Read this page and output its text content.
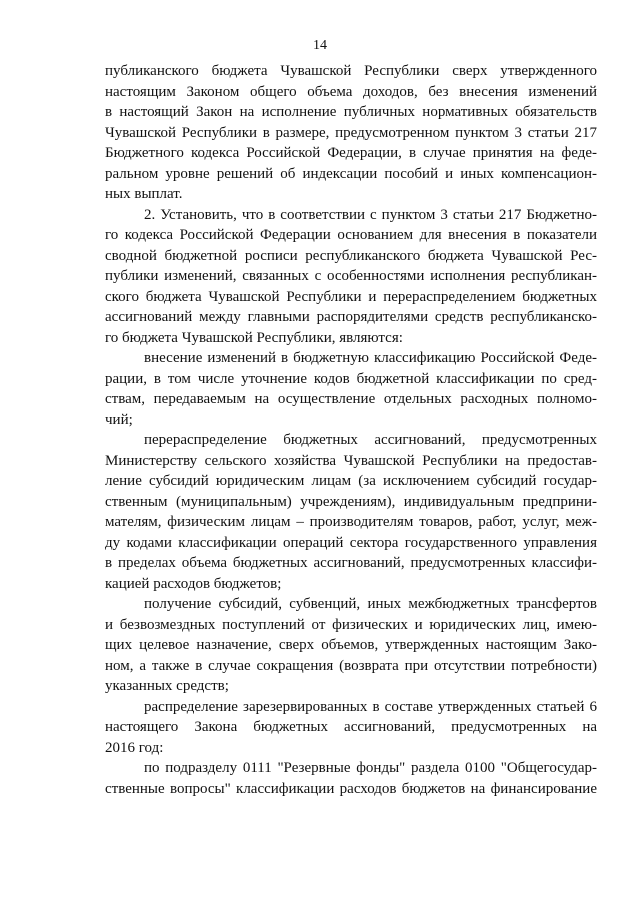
14

публиканского бюджета Чувашской Республики сверх утвержденного

настоящим Законом общего объема доходов, без внесения изменений

в настоящий Закон на исполнение публичных нормативных обязательств

Чувашской Республики в размере, предусмотренном пунктом 3 статьи 217

Бюджетного кодекса Российской Федерации, в случае принятия на феде-

ральном уровне решений об индексации пособий и иных компенсацион-

ных выплат.

2. Установить, что в соответствии с пунктом 3 статьи 217 Бюджетно-

го кодекса Российской Федерации основанием для внесения в показатели

сводной бюджетной росписи республиканского бюджета Чувашской Рес-

публики изменений, связанных с особенностями исполнения республикан-

ского бюджета Чувашской Республики и перераспределением бюджетных

ассигнований между главными распорядителями средств республиканско-

го бюджета Чувашской Республики, являются:

внесение изменений в бюджетную классификацию Российской Феде-

рации, в том числе уточнение кодов бюджетной классификации по сред-

ствам, передаваемым на осуществление отдельных расходных полномо-

чий;

перераспределение бюджетных ассигнований, предусмотренных

Министерству сельского хозяйства Чувашской Республики на предостав-

ление субсидий юридическим лицам (за исключением субсидий государ-

ственным (муниципальным) учреждениям), индивидуальным предприни-

мателям, физическим лицам – производителям товаров, работ, услуг, меж-

ду кодами классификации операций сектора государственного управления

в пределах объема бюджетных ассигнований, предусмотренных классифи-

кацией расходов бюджетов;

получение субсидий, субвенций, иных межбюджетных трансфертов

и безвозмездных поступлений от физических и юридических лиц, имею-

щих целевое назначение, сверх объемов, утвержденных настоящим Зако-

ном, а также в случае сокращения (возврата при отсутствии потребности)

указанных средств;

распределение зарезервированных в составе утвержденных статьей 6

настоящего Закона бюджетных ассигнований, предусмотренных на

2016 год:

по подразделу 0111 "Резервные фонды" раздела 0100 "Общегосудар-

ственные вопросы" классификации расходов бюджетов на финансирование
